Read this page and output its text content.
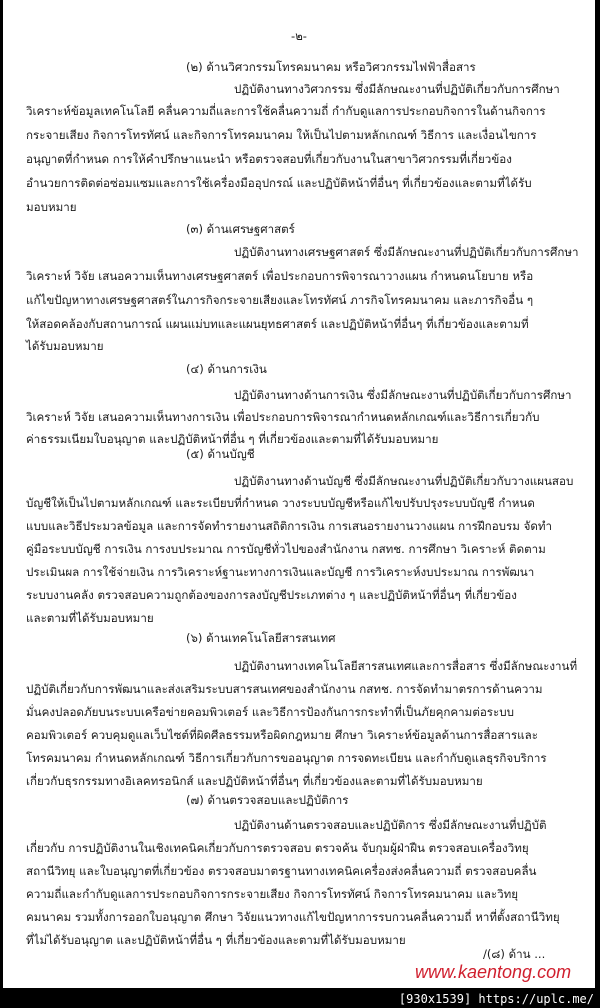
-๒-
(๒) ด้านวิศวกรรมโทรคมนาคม หรือวิศวกรรมไฟฟ้าสื่อสาร
ปฏิบัติงานทางวิศวกรรม ซึ่งมีลักษณะงานที่ปฏิบัติเกี่ยวกับการศึกษา
วิเคราะห์ข้อมูลเทคโนโลยี คลื่นความถี่และการใช้คลื่นความถี่ กำกับดูแลการประกอบกิจการในด้านกิจการ
กระจายเสียง กิจการโทรทัศน์ และกิจการโทรคมนาคม ให้เป็นไปตามหลักเกณฑ์ วิธีการ และเงื่อนไขการ
อนุญาตที่กำหนด การให้คำปรึกษาแนะนำ หรือตรวจสอบที่เกี่ยวกับงานในสาขาวิศวกรรมที่เกี่ยวข้อง
อำนวยการติดต่อซ่อมแซมและการใช้เครื่องมืออุปกรณ์ และปฏิบัติหน้าที่อื่นๆ ที่เกี่ยวข้องและตามที่ได้รับ
มอบหมาย
(๓) ด้านเศรษฐศาสตร์
ปฏิบัติงานทางเศรษฐศาสตร์ ซึ่งมีลักษณะงานที่ปฏิบัติเกี่ยวกับการศึกษา
วิเคราะห์ วิจัย เสนอความเห็นทางเศรษฐศาสตร์ เพื่อประกอบการพิจารณาวางแผน กำหนดนโยบาย หรือ
แก้ไขปัญหาทางเศรษฐศาสตร์ในภารกิจกระจายเสียงและโทรทัศน์ ภารกิจโทรคมนาคม และภารกิจอื่น ๆ
ให้สอดคล้องกับสถานการณ์ แผนแม่บทและแผนยุทธศาสตร์ และปฏิบัติหน้าที่อื่นๆ ที่เกี่ยวข้องและตามที่
ได้รับมอบหมาย
(๔) ด้านการเงิน
ปฏิบัติงานทางด้านการเงิน ซึ่งมีลักษณะงานที่ปฏิบัติเกี่ยวกับการศึกษา
วิเคราะห์ วิจัย เสนอความเห็นทางการเงิน เพื่อประกอบการพิจารณากำหนดหลักเกณฑ์และวิธีการเกี่ยวกับ
ค่าธรรมเนียมใบอนุญาต และปฏิบัติหน้าที่อื่น ๆ ที่เกี่ยวข้องและตามที่ได้รับมอบหมาย
(๕) ด้านบัญชี
ปฏิบัติงานทางด้านบัญชี ซึ่งมีลักษณะงานที่ปฏิบัติเกี่ยวกับวางแผนสอบ
บัญชีให้เป็นไปตามหลักเกณฑ์ และระเบียบที่กำหนด วางระบบบัญชีหรือแก้ไขปรับปรุงระบบบัญชี กำหนด
แบบและวิธีประมวลข้อมูล และการจัดทำรายงานสถิติการเงิน การเสนอรายงานวางแผน การฝึกอบรม จัดทำ
คู่มือระบบบัญชี การเงิน การงบประมาณ การบัญชีทั่วไปของสำนักงาน กสทช. การศึกษา วิเคราะห์ ติดตาม
ประเมินผล การใช้จ่ายเงิน การวิเคราะห์ฐานะทางการเงินและบัญชี การวิเคราะห์งบประมาณ การพัฒนา
ระบบงานคลัง ตรวจสอบความถูกต้องของการลงบัญชีประเภทต่าง ๆ และปฏิบัติหน้าที่อื่นๆ ที่เกี่ยวข้อง
และตามที่ได้รับมอบหมาย
(๖) ด้านเทคโนโลยีสารสนเทศ
ปฏิบัติงานทางเทคโนโลยีสารสนเทศและการสื่อสาร ซึ่งมีลักษณะงานที่
ปฏิบัติเกี่ยวกับการพัฒนาและส่งเสริมระบบสารสนเทศของสำนักงาน กสทช. การจัดทำมาตรการด้านความ
มั่นคงปลอดภัยบนระบบเครือข่ายคอมพิวเตอร์ และวิธีการป้องกันการกระทำที่เป็นภัยคุกคามต่อระบบ
คอมพิวเตอร์ ควบคุมดูแลเว็บไซต์ที่ผิดศีลธรรมหรือผิดกฎหมาย ศึกษา วิเคราะห์ข้อมูลด้านการสื่อสารและ
โทรคมนาคม กำหนดหลักเกณฑ์ วิธีการเกี่ยวกับการขออนุญาต การจดทะเบียน และกำกับดูแลธุรกิจบริการ
เกี่ยวกับธุรกรรมทางอิเลคทรอนิกส์ และปฏิบัติหน้าที่อื่นๆ ที่เกี่ยวข้องและตามที่ได้รับมอบหมาย
(๗) ด้านตรวจสอบและปฏิบัติการ
ปฏิบัติงานด้านตรวจสอบและปฏิบัติการ ซึ่งมีลักษณะงานที่ปฏิบัติ
เกี่ยวกับ การปฏิบัติงานในเชิงเทคนิคเกี่ยวกับการตรวจสอบ ตรวจค้น จับกุมผู้ฝ่าฝืน ตรวจสอบเครื่องวิทยุ
สถานีวิทยุ และใบอนุญาตที่เกี่ยวข้อง ตรวจสอบมาตรฐานทางเทคนิคเครื่องส่งคลื่นความถี่ ตรวจสอบคลื่น
ความถี่และกำกับดูแลการประกอบกิจการกระจายเสียง กิจการโทรทัศน์ กิจการโทรคมนาคม และวิทยุ
คมนาคม รวมทั้งการออกใบอนุญาต ศึกษา วิจัยแนวทางแก้ไขปัญหาการรบกวนคลื่นความถี่ หาที่ตั้งสถานีวิทยุ
ที่ไม่ได้รับอนุญาต และปฏิบัติหน้าที่อื่น ๆ ที่เกี่ยวข้องและตามที่ได้รับมอบหมาย
/(๘) ด้าน ...
www.kaentong.com
[930x1539] https://uplc.me/
